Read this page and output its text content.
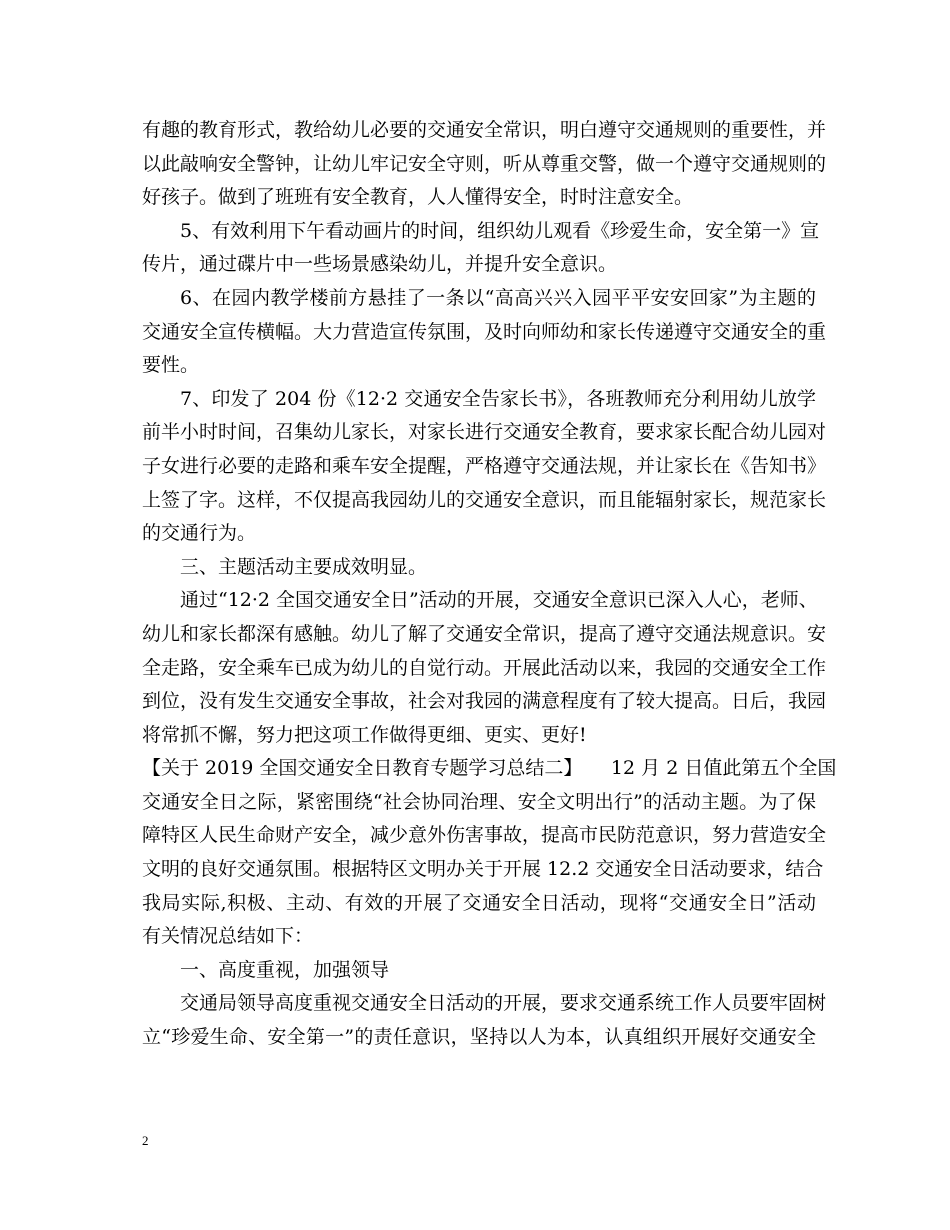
有趣的教育形式，教给幼儿必要的交通安全常识，明白遵守交通规则的重要性，并
以此敲响安全警钟，让幼儿牢记安全守则，听从尊重交警，做一个遵守交通规则的
好孩子。做到了班班有安全教育，人人懂得安全，时时注意安全。
5、有效利用下午看动画片的时间，组织幼儿观看《珍爱生命，安全第一》宣
传片，通过碟片中一些场景感染幼儿，并提升安全意识。
6、在园内教学楼前方悬挂了一条以“高高兴兴入园平平安安回家”为主题的
交通安全宣传横幅。大力营造宣传氛围，及时向师幼和家长传递遵守交通安全的重
要性。
7、印发了 204 份《12·2 交通安全告家长书》，各班教师充分利用幼儿放学
前半小时时间，召集幼儿家长，对家长进行交通安全教育，要求家长配合幼儿园对
子女进行必要的走路和乘车安全提醒，严格遵守交通法规，并让家长在《告知书》
上签了字。这样，不仅提高我园幼儿的交通安全意识，而且能辐射家长，规范家长
的交通行为。
三、主题活动主要成效明显。
通过“12·2 全国交通安全日”活动的开展，交通安全意识已深入人心，老师、
幼儿和家长都深有感触。幼儿了解了交通安全常识，提高了遵守交通法规意识。安
全走路，安全乘车已成为幼儿的自觉行动。开展此活动以来，我园的交通安全工作
到位，没有发生交通安全事故，社会对我园的满意程度有了较大提高。日后，我园
将常抓不懈，努力把这项工作做得更细、更实、更好!
【关于 2019 全国交通安全日教育专题学习总结二】　　12 月 2 日值此第五个全国
交通安全日之际，紧密围绕“社会协同治理、安全文明出行”的活动主题。为了保
障特区人民生命财产安全，减少意外伤害事故，提高市民防范意识，努力营造安全
文明的良好交通氛围。根据特区文明办关于开展 12.2 交通安全日活动要求，结合
我局实际,积极、主动、有效的开展了交通安全日活动，现将“交通安全日”活动
有关情况总结如下：
一、高度重视，加强领导
交通局领导高度重视交通安全日活动的开展，要求交通系统工作人员要牢固树
立“珍爱生命、安全第一”的责任意识，坚持以人为本，认真组织开展好交通安全
2
